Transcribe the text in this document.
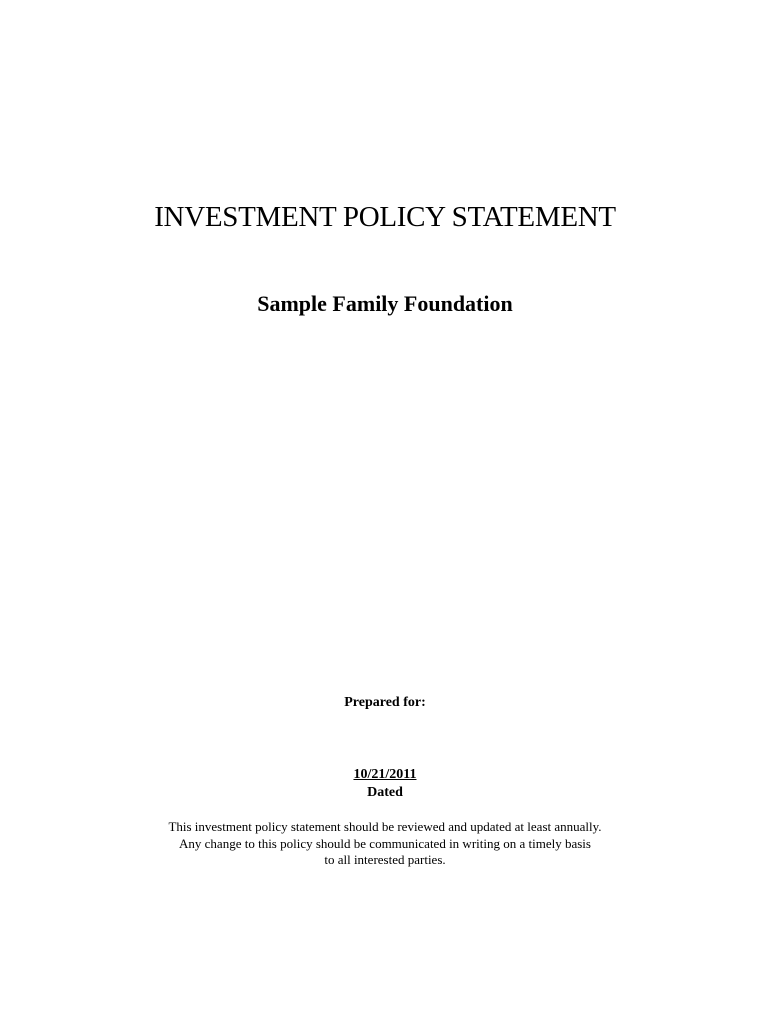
INVESTMENT POLICY STATEMENT
Sample Family Foundation
Prepared for:
10/21/2011
Dated
This investment policy statement should be reviewed and updated at least annually.
Any change to this policy should be communicated in writing on a timely basis
to all interested parties.
